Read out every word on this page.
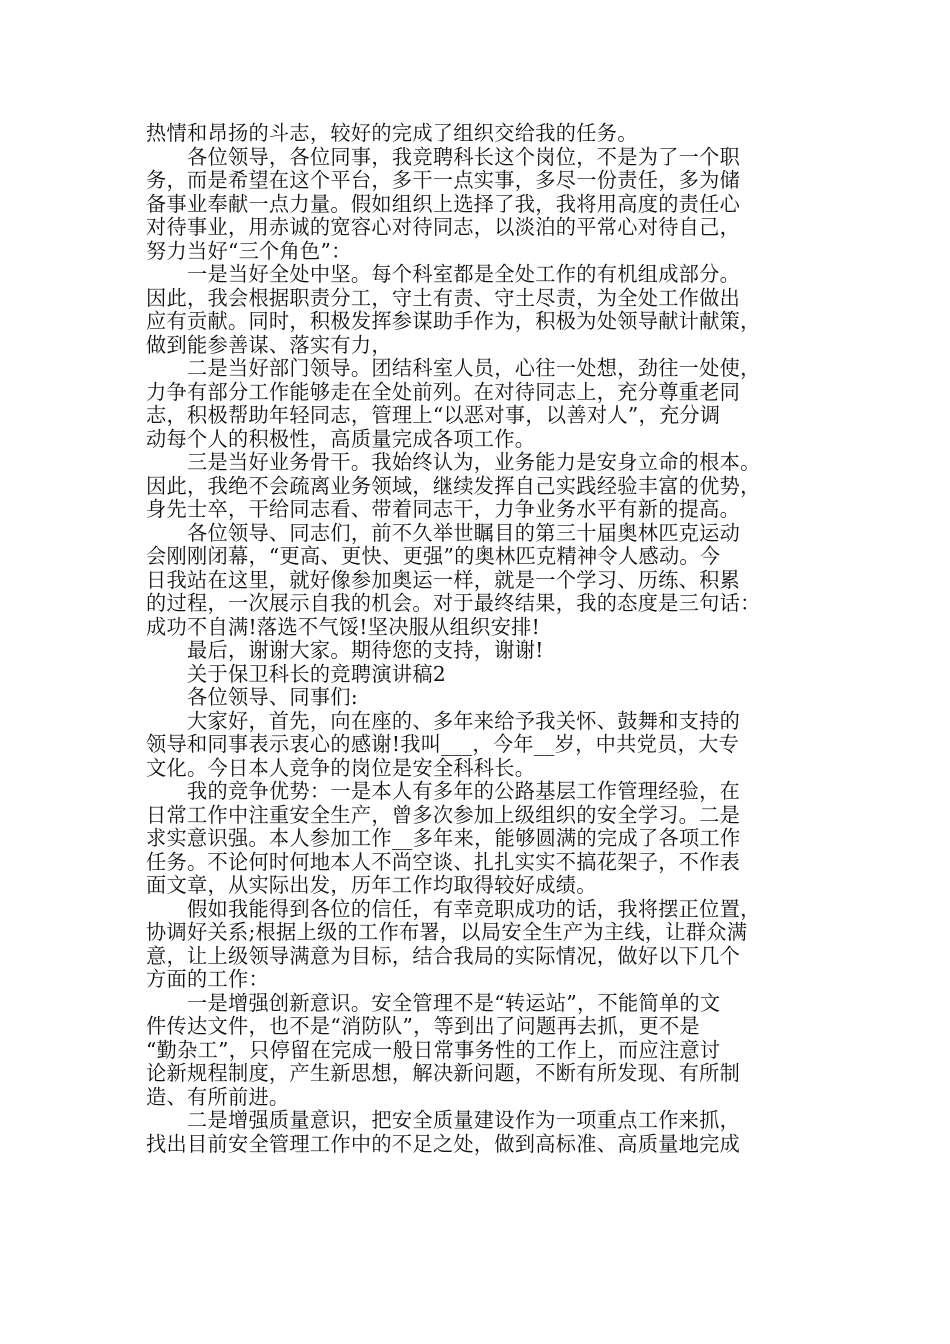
热情和昂扬的斗志，较好的完成了组织交给我的任务。
　　各位领导，各位同事，我竞聘科长这个岗位，不是为了一个职
务，而是希望在这个平台，多干一点实事，多尽一份责任，多为储
备事业奉献一点力量。假如组织上选择了我，我将用高度的责任心
对待事业，用赤诚的宽容心对待同志，以淡泊的平常心对待自己，
努力当好“三个角色”：
　　一是当好全处中坚。每个科室都是全处工作的有机组成部分。
因此，我会根据职责分工，守土有责、守土尽责，为全处工作做出
应有贡献。同时，积极发挥参谋助手作为，积极为处领导献计献策，
做到能参善谋、落实有力，
　　二是当好部门领导。团结科室人员，心往一处想，劲往一处使，
力争有部分工作能够走在全处前列。在对待同志上，充分尊重老同
志，积极帮助年轻同志，管理上“以恶对事，以善对人”，充分调
动每个人的积极性，高质量完成各项工作。
　　三是当好业务骨干。我始终认为，业务能力是安身立命的根本。
因此，我绝不会疏离业务领域，继续发挥自己实践经验丰富的优势，
身先士卒，干给同志看、带着同志干，力争业务水平有新的提高。
　　各位领导、同志们，前不久举世瞩目的第三十届奥林匹克运动
会刚刚闭幕，“更高、更快、更强”的奥林匹克精神令人感动。今
日我站在这里，就好像参加奥运一样，就是一个学习、历练、积累
的过程，一次展示自我的机会。对于最终结果，我的态度是三句话：
成功不自满!落选不气馁!坚决服从组织安排!
　　最后，谢谢大家。期待您的支持，谢谢!
　　关于保卫科长的竞聘演讲稿2
　　各位领导、同事们:
　　大家好，首先，向在座的、多年来给予我关怀、鼓舞和支持的
领导和同事表示衷心的感谢!我叫___，今年__岁，中共党员，大专
文化。今日本人竞争的岗位是安全科科长。
　　我的竞争优势：一是本人有多年的公路基层工作管理经验，在
日常工作中注重安全生产，曾多次参加上级组织的安全学习。二是
求实意识强。本人参加工作__多年来，能够圆满的完成了各项工作
任务。不论何时何地本人不尚空谈、扎扎实实不搞花架子，不作表
面文章，从实际出发，历年工作均取得较好成绩。
　　假如我能得到各位的信任，有幸竞职成功的话，我将摆正位置，
协调好关系;根据上级的工作布署，以局安全生产为主线，让群众满
意，让上级领导满意为目标，结合我局的实际情况，做好以下几个
方面的工作：
　　一是增强创新意识。安全管理不是“转运站”，不能简单的文
件传达文件，也不是“消防队”，等到出了问题再去抓，更不是
“勤杂工”，只停留在完成一般日常事务性的工作上，而应注意讨
论新规程制度，产生新思想，解决新问题，不断有所发现、有所制
造、有所前进。
　　二是增强质量意识，把安全质量建设作为一项重点工作来抓，
找出目前安全管理工作中的不足之处，做到高标准、高质量地完成
